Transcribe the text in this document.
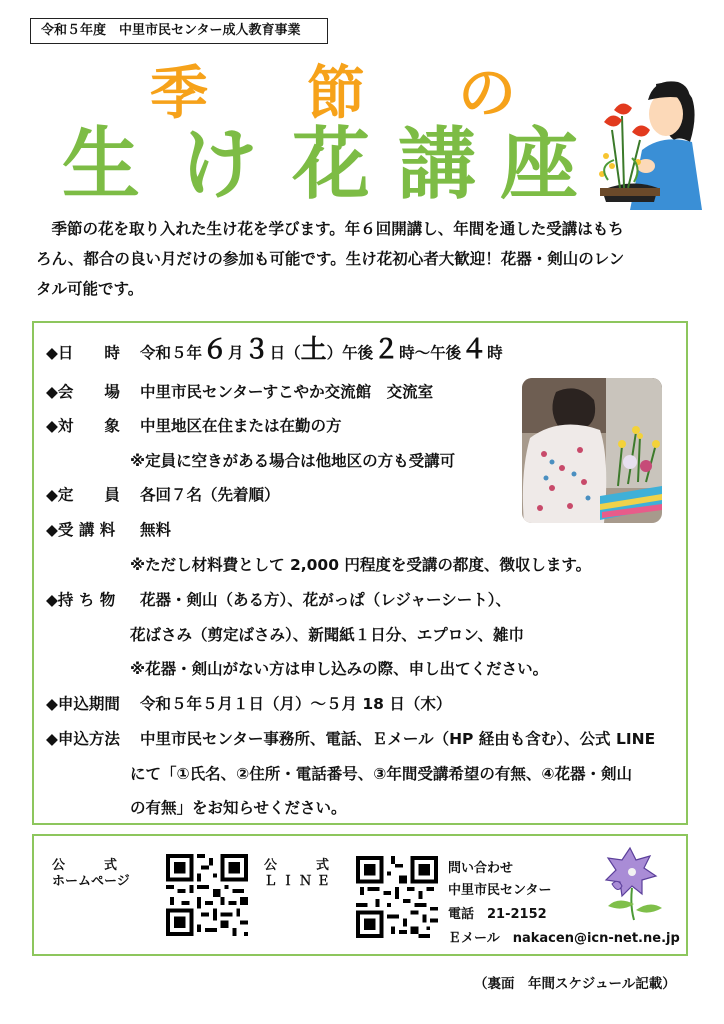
令和５年度　中里市民センター成人教育事業
季 節 の
生 け 花 講 座

　季節の花を取り入れた生け花を学びます。年６回開講し、年間を通した受講はもち

ろん、都合の良い月だけの参加も可能です。生け花初心者大歓迎！花器・剣山のレン

タル可能です。

◆日　　時 令和５年６月３日（土）午後２時～午後４時
◆会　　場 中里市民センターすこやか交流館　交流室
◆対　　象 中里地区在住または在勤の方
※定員に空きがある場合は他地区の方も受講可
◆定　　員 各回７名（先着順）
◆受 講 料 無料
※ただし材料費として 2,000 円程度を受講の都度、徴収します。
◆持 ち 物 花器・剣山（ある方）、花がっぱ（レジャーシート）、
花ばさみ（剪定ばさみ）、新聞紙１日分、エプロン、雑巾
※花器・剣山がない方は申し込みの際、申し出てください。
◆申込期間 令和５年５月１日（月）～５月 18 日（木）
◆申込方法 中里市民センター事務所、電話、Ｅメール（HP 経由も含む）、公式 LINE
にて「①氏名、②住所・電話番号、③年間受講希望の有無、④花器・剣山
の有無」をお知らせください。
公　　　式
ホームページ
公　　　式
Ｌ Ｉ Ｎ Ｅ
問い合わせ
中里市民センター
電話　21-2152
Ｅメール　nakacen@icn-net.ne.jp
（裏面　年間スケジュール記載）
